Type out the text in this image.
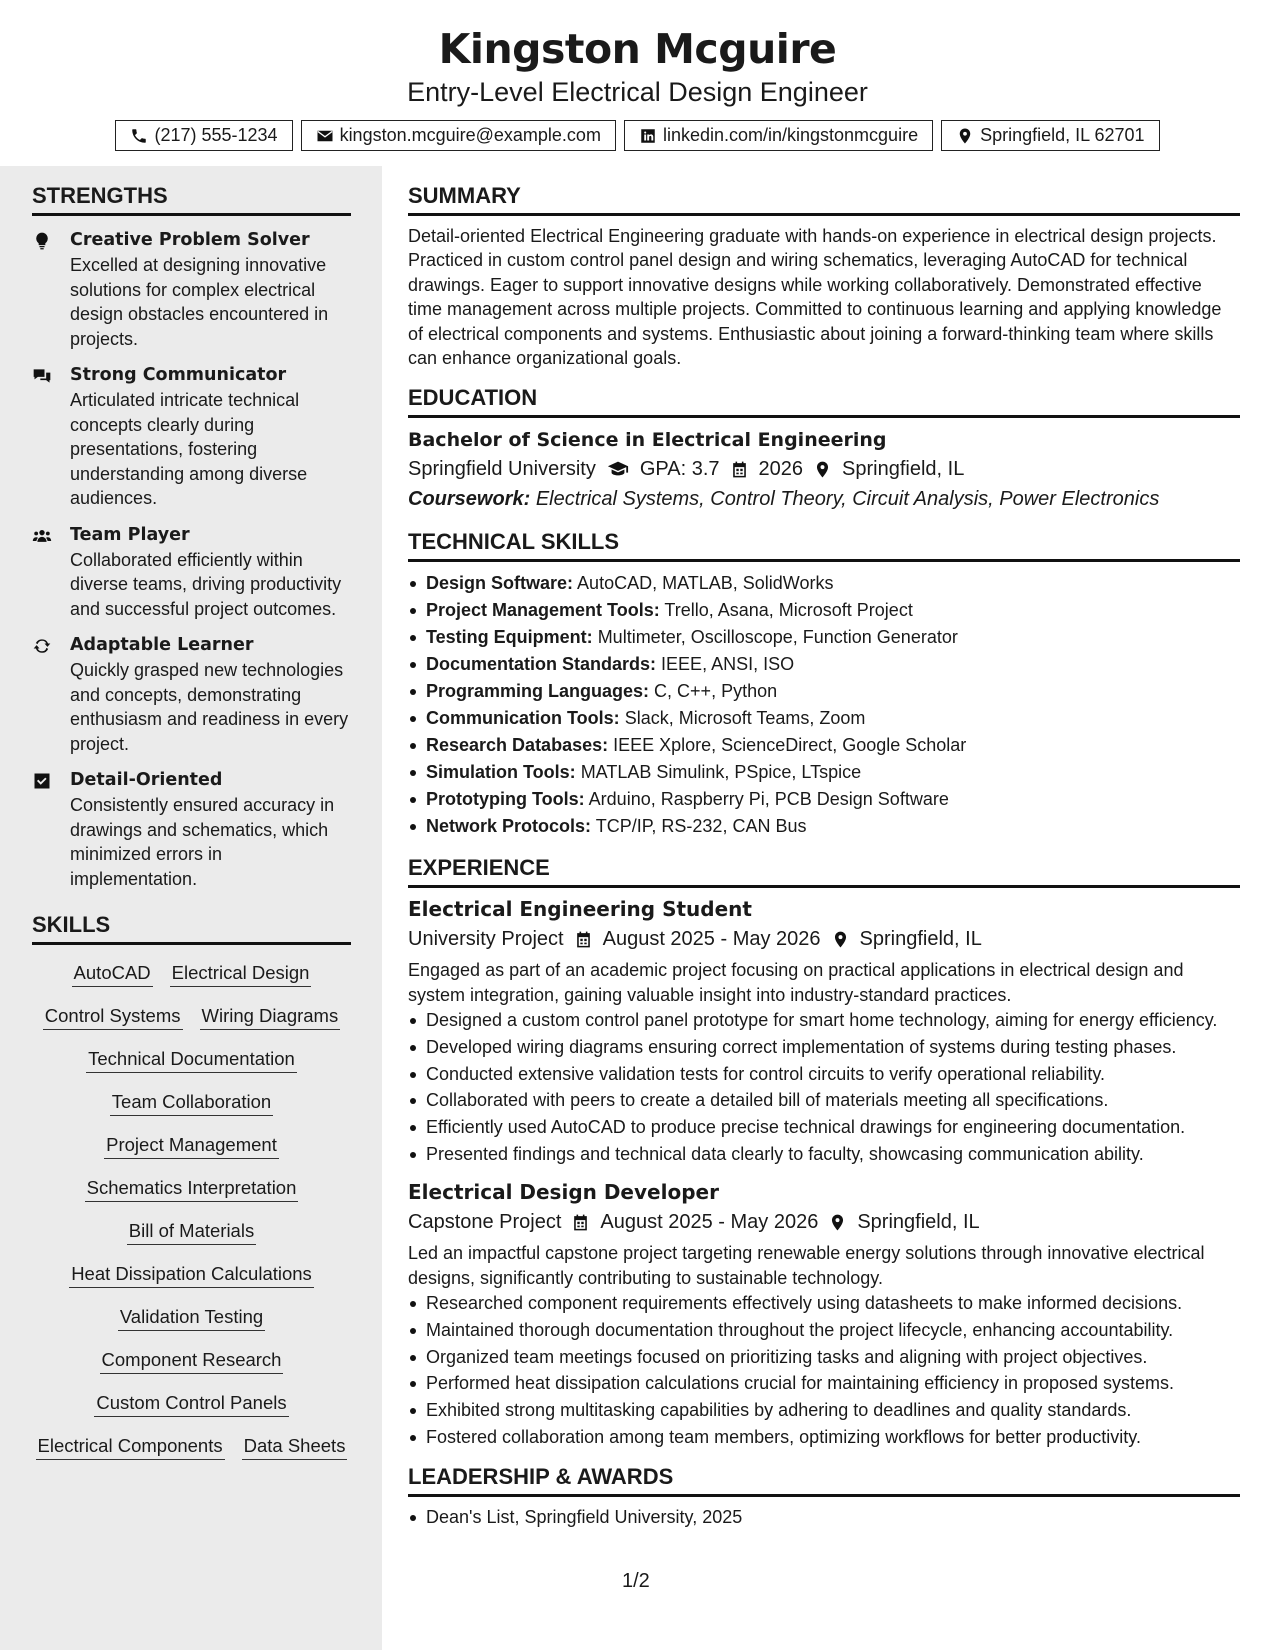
Kingston Mcguire
Entry-Level Electrical Design Engineer
(217) 555-1234	kingston.mcguire@example.com	linkedin.com/in/kingstonmcguire	Springfield, IL 62701
STRENGTHS
Creative Problem Solver
Excelled at designing innovative solutions for complex electrical design obstacles encountered in projects.
Strong Communicator
Articulated intricate technical concepts clearly during presentations, fostering understanding among diverse audiences.
Team Player
Collaborated efficiently within diverse teams, driving productivity and successful project outcomes.
Adaptable Learner
Quickly grasped new technologies and concepts, demonstrating enthusiasm and readiness in every project.
Detail-Oriented
Consistently ensured accuracy in drawings and schematics, which minimized errors in implementation.
SKILLS
AutoCAD Electrical Design
Control Systems Wiring Diagrams
Technical Documentation
Team Collaboration
Project Management
Schematics Interpretation
Bill of Materials
Heat Dissipation Calculations
Validation Testing
Component Research
Custom Control Panels
Electrical Components Data Sheets
SUMMARY

Detail-oriented Electrical Engineering graduate with hands-on experience in electrical design projects. Practiced in custom control panel design and wiring schematics, leveraging AutoCAD for technical drawings. Eager to support innovative designs while working collaboratively. Demonstrated effective time management across multiple projects. Committed to continuous learning and applying knowledge of electrical components and systems. Enthusiastic about joining a forward-thinking team where skills can enhance organizational goals.

EDUCATION
Bachelor of Science in Electrical Engineering
Springfield University GPA: 3.7 2026 Springfield, IL
Coursework: Electrical Systems, Control Theory, Circuit Analysis, Power Electronics
TECHNICAL SKILLS
Design Software: AutoCAD, MATLAB, SolidWorks
Project Management Tools: Trello, Asana, Microsoft Project
Testing Equipment: Multimeter, Oscilloscope, Function Generator
Documentation Standards: IEEE, ANSI, ISO
Programming Languages: C, C++, Python
Communication Tools: Slack, Microsoft Teams, Zoom
Research Databases: IEEE Xplore, ScienceDirect, Google Scholar
Simulation Tools: MATLAB Simulink, PSpice, LTspice
Prototyping Tools: Arduino, Raspberry Pi, PCB Design Software
Network Protocols: TCP/IP, RS-232, CAN Bus
EXPERIENCE
Electrical Engineering Student
University Project August 2025 - May 2026 Springfield, IL

Engaged as part of an academic project focusing on practical applications in electrical design and system integration, gaining valuable insight into industry-standard practices.

Designed a custom control panel prototype for smart home technology, aiming for energy efficiency.
Developed wiring diagrams ensuring correct implementation of systems during testing phases.
Conducted extensive validation tests for control circuits to verify operational reliability.
Collaborated with peers to create a detailed bill of materials meeting all specifications.
Efficiently used AutoCAD to produce precise technical drawings for engineering documentation.
Presented findings and technical data clearly to faculty, showcasing communication ability.
Electrical Design Developer
Capstone Project August 2025 - May 2026 Springfield, IL

Led an impactful capstone project targeting renewable energy solutions through innovative electrical designs, significantly contributing to sustainable technology.

Researched component requirements effectively using datasheets to make informed decisions.
Maintained thorough documentation throughout the project lifecycle, enhancing accountability.
Organized team meetings focused on prioritizing tasks and aligning with project objectives.
Performed heat dissipation calculations crucial for maintaining efficiency in proposed systems.
Exhibited strong multitasking capabilities by adhering to deadlines and quality standards.
Fostered collaboration among team members, optimizing workflows for better productivity.
LEADERSHIP & AWARDS
Dean's List, Springfield University, 2025
1/2
